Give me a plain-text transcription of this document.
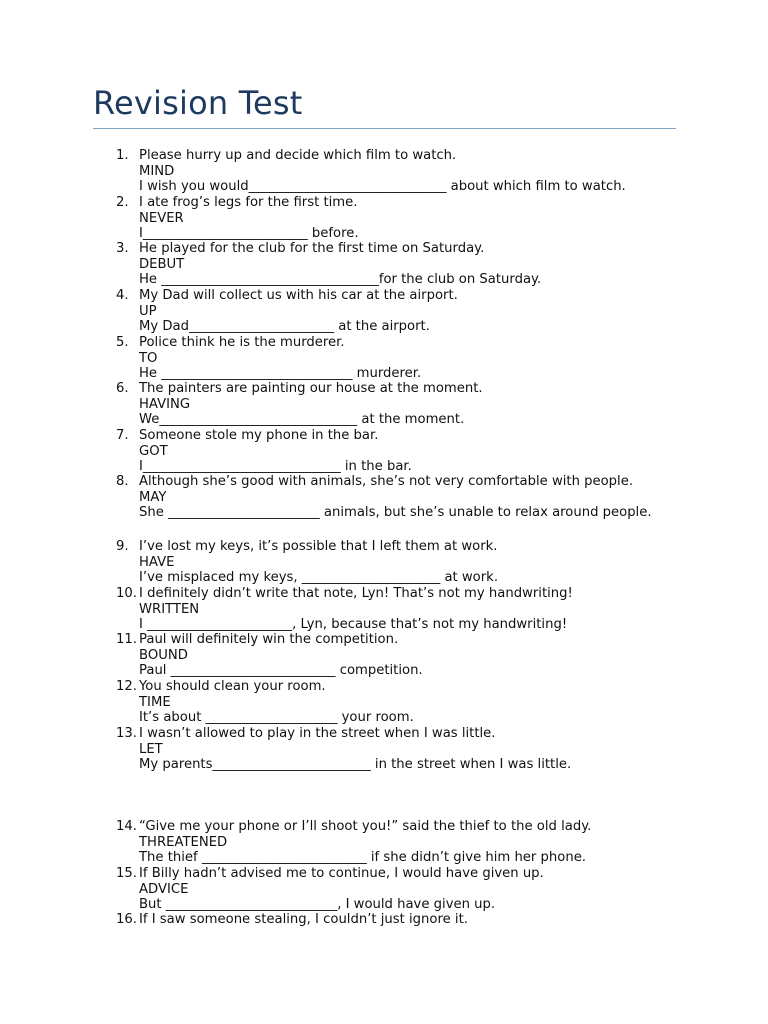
Revision Test
1. Please hurry up and decide which film to watch.
MIND
I wish you would______________________________ about which film to watch.
2. I ate frog’s legs for the first time.
NEVER
I_________________________ before.
3. He played for the club for the first time on Saturday.
DEBUT
He _________________________________for the club on Saturday.
4. My Dad will collect us with his car at the airport.
UP
My Dad______________________ at the airport.
5. Police think he is the murderer.
TO
He _____________________________ murderer.
6. The painters are painting our house at the moment.
HAVING
We______________________________ at the moment.
7. Someone stole my phone in the bar.
GOT
I______________________________ in the bar.
8. Although she’s good with animals, she’s not very comfortable with people.
MAY
She _______________________ animals, but she’s unable to relax around people.
9. I’ve lost my keys, it’s possible that I left them at work.
HAVE
I’ve misplaced my keys, _____________________ at work.
10. I definitely didn’t write that note, Lyn! That’s not my handwriting!
WRITTEN
I ______________________, Lyn, because that’s not my handwriting!
11. Paul will definitely win the competition.
BOUND
Paul _________________________ competition.
12. You should clean your room.
TIME
It’s about ____________________ your room.
13. I wasn’t allowed to play in the street when I was little.
LET
My parents________________________ in the street when I was little.
14. “Give me your phone or I’ll shoot you!” said the thief to the old lady.
THREATENED
The thief _________________________ if she didn’t give him her phone.
15. If Billy hadn’t advised me to continue, I would have given up.
ADVICE
But __________________________, I would have given up.
16. If I saw someone stealing, I couldn’t just ignore it.
